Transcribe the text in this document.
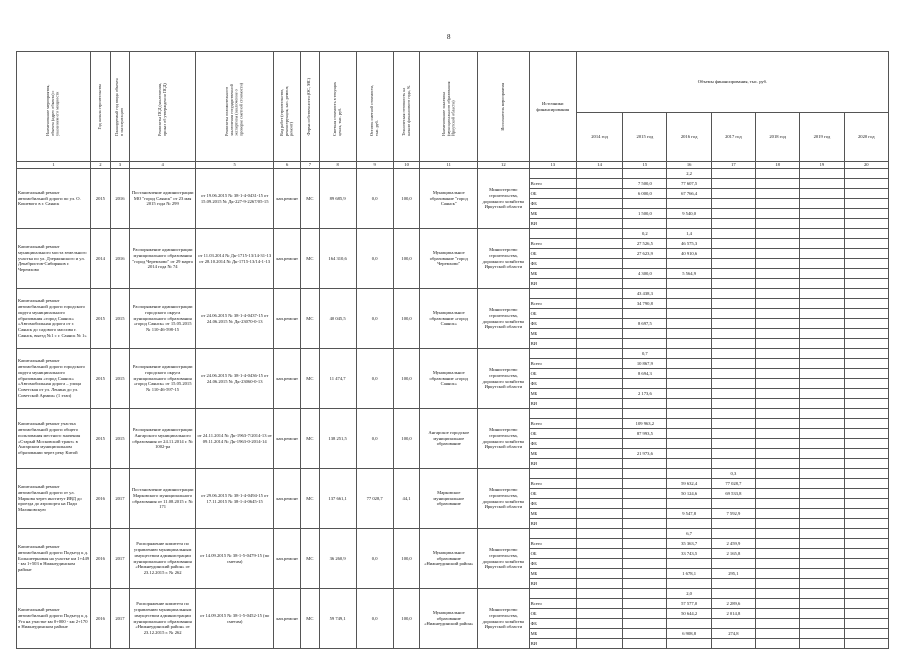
8
Наименование мероприятия, объекта (адрес объекта) с указанием его мощности	Год начала строительства	Планируемый год ввода объекта в эксплуатацию	Реквизиты ПСД (заключения, приказ об утверждении ПСД)	Реквизиты положительного заключения государственной экспертизы (заключение о проверке сметной стоимости)	Вид работ (строительство, реконструкция, кап. ремонт, ремонт)	Форма собственности (ОС, МС)	Сметная стоимость в текущих ценах, тыс. руб.	Остаток сметной стоимости, тыс. руб.	Техническая готовность на начало финансового года, %	Наименование заказчика (муниципального образования Иркутской области)	Исполнитель мероприятия	Источники финансирования	Объемы финансирования, тыс. руб.						
													2014 год	2015 год	2016 год	2017 год	2018 год	2019 год	2020 год
1	2	3	4	5	6	7	8	9	10	11	12	13	14	15	16	17	18	19	20
Капитальный ремонт автомобильной дороги по ул. О. Кошевого в г. Саянск	2015	2016	Постановление администрации МО "город Саянск" от 23 мая 2015 года № 299	от 19.06.2015 № 38-1-4-0431-15 от 15.09.2015 № Дк-227-9-2267/05-15	кап.ремонт	МС	89 685,9	0,0	100,0	Муниципальное образование "город Саянск"	Министерство строительства, дорожного хозяйства Иркутской области				2,2				
												Всего		7 500,0	77 607,5				
												ОБ		6 000,0	67 766,4				
												ФБ							
												МБ		1 500,0	9 540,0				
												ВИ							
Капитальный ремонт муниципального моста земельного участка по ул. Дзержинского и ул. Декабристов-Сибиряков г. Черемхово	2014	2016	Распоряжение администрации муниципального образования "город Черемхово" от 29 марта 2014 года № 74	от 11.03.2014 № Дк-1715-13/14-31-13 от 28.10.2014 № Дк-1715-13/14-1-13	кап.ремонт	МС	164 310,6	0,0	100,0	Муниципальное образование "город Черемхово"	Министерство строительства, дорожного хозяйства Иркутской области			0,2	1,4				
												Всего		27 526,5	46 575,3				
												ОБ		27 623,9	40 910,6				
												ФБ							
												МБ		4 300,0	5 564,9				
												ВИ							
Капитальный ремонт автомобильной дороги городского округа муниципального образования «город Саянск» «Автомобильная дорога от г. Саянск до садового массива г. Саянск, выезд №1 с г. Саянск № 1»	2015	2015	Распоряжение администрации городского округа муниципального образования «город Саянск» от 15.05.2015 № 110-46-598-15	от 24.06.2015 № 38-1-4-0437-15 от 24.06.2015 № Дк-23070-0-13	кап.ремонт	МС	40 045,5	0,0	100,0	Муниципальное образование «город Саянск»	Министерство строительства, дорожного хозяйства Иркутской области			43 438,3					
												Всего		34 790,8					
												ОБ							
												ФБ		8 697,5					
												МБ							
												ВИ							
Капитальный ремонт автомобильной дороги городского округа муниципального образования «город Саянск» «Автомобильная дорога – улица Советская от ул. Ленина до ул. Советской Армии» (1 этап)	2015	2015	Распоряжение администрации городского округа муниципального образования «город Саянск» от 15.05.2015 № 110-46-597-15	от 24.06.2015 № 38-1-4-0436-15 от 24.06.2015 № Дк-23060-0-13	кап.ремонт	МС	11 474,7	0,0	100,0	Муниципальное образование «город Саянск»	Министерство строительства, дорожного хозяйства Иркутской области			0,7					
												Всего		10 867,9					
												ОБ		8 694,3					
												ФБ							
												МБ		2 173,6					
												ВИ							
Капитальный ремонт участка автомобильной дороги общего пользования местного значения «Старый Московский тракт» в Ангарском муниципальном образовании через реку Китой	2015	2015	Распоряжение администрации Ангарского муниципального образования от 24.11.2014 г. № 1002-ра	от 24.11.2014 № Дк-1963-7/2014-13 от 09.11.2014 № Дк-1963-0-2014-14	кап.ремонт	МС	138 251,5	0,0	100,0	Ангарское городское муниципальное образование	Министерство строительства, дорожного хозяйства Иркутской области								
												Всего		109 963,2					
												ОБ		87 993,5					
												ФБ							
												МБ		21 973,6					
												ВИ							
Капитальный ремонт автомобильной дороги от ул. Маркова через институт ИВД до проезда до аэропорта на Пади Малиновскую	2016	2017	Постановление администрации Марковского муниципального образования от 11.08.2015 г. № 171	от 29.06.2015 № 38-1-4-0494-15 от 17.11.2015 № 38-1-4-0645-15	кап.ремонт	МС	137 661,1	77 028,7	44,1	Марковское муниципальное образование	Министерство строительства, дорожного хозяйства Иркутской области					0,3			
												Всего			59 632,4	77 028,7			
												ОБ			50 124,6	69 533,8			
												ФБ							
												МБ			9 547,8	7 592,9			
												ВИ							
Капитальный ремонт автомобильной дороги Подъезд к д. Большеерновая на участке км 1+449 - км 1+503 в Нижнеудинском районе	2016	2017	Распоряжение комитета по управлению муниципальным имуществом администрации муниципального образования «Нижнеудинский район» от 23.12.2015 г. № 262	от 14.09.2015 № 38-1-5-0479-15 (по сметам)	кап.ремонт	МС	36 260,9	0,0	100,0	Муниципальное образование «Нижнеудинский район»	Министерство строительства, дорожного хозяйства Иркутской области				6,7				
												Всего			35 363,7	2 459,9			
												ОБ			33 743,5	2 165,8			
												ФБ							
												МБ			1 678,1	295,1			
												ВИ							
Капитальный ремонт автомобильной дороги Подъезд к д. Уга на участке км 0+000 - км 2+170 в Нижнеудинском районе	2016	2017	Распоряжение комитета по управлению муниципальным имуществом администрации муниципального образования «Нижнеудинский район» от 23.12.2015 г. № 262	от 14.09.2015 № 38-1-5-0452-15 (по сметам)	кап.ремонт	МС	59 749,1	0,0	100,0	Муниципальное образование «Нижнеудинский район»	Министерство строительства, дорожного хозяйства Иркутской области				2,0				
												Всего			57 577,0	2 289,6			
												ОБ			50 644,2	2 014,8			
												ФБ							
												МБ			6 908,8	274,8			
												ВИ							
